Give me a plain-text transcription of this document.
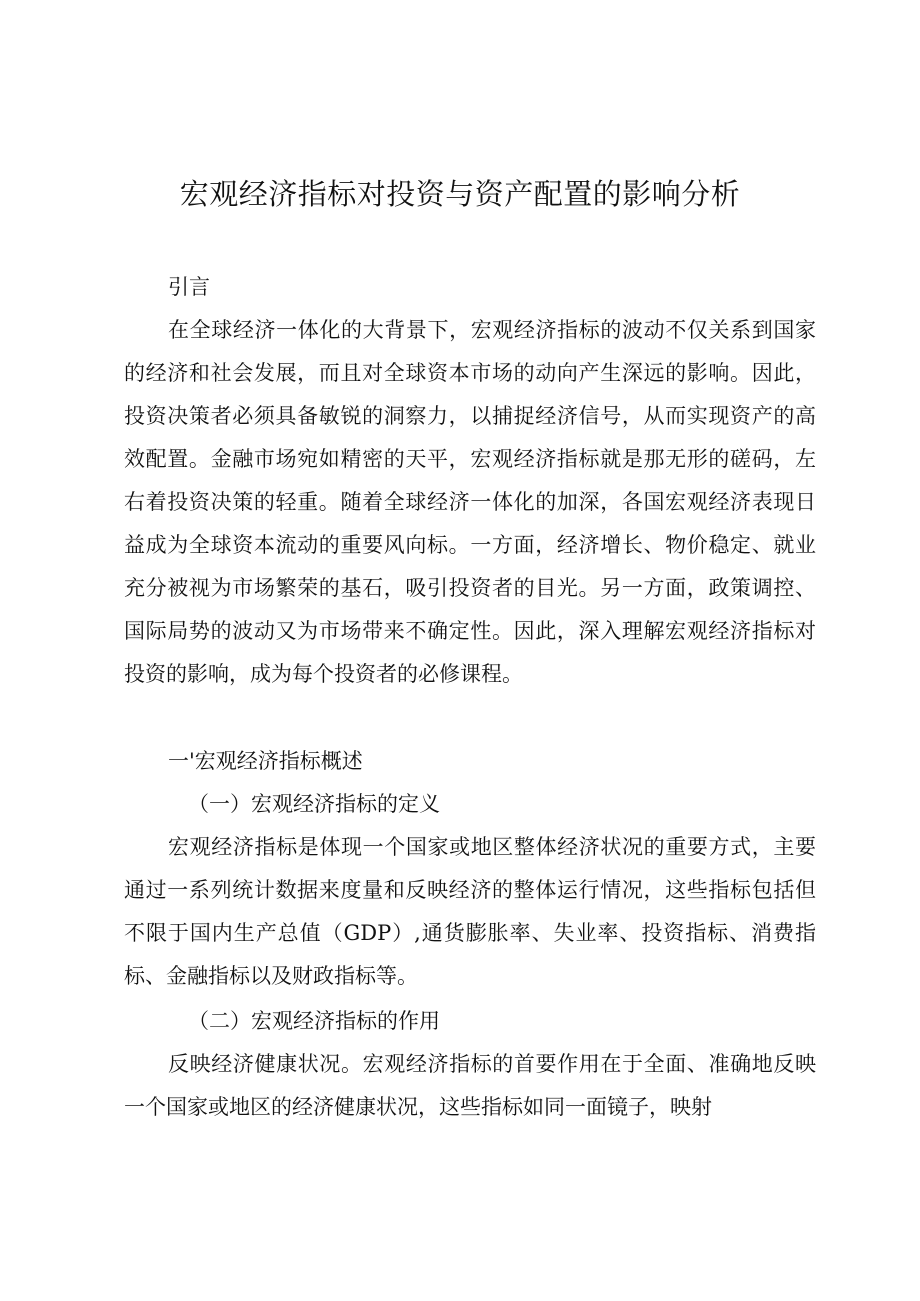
宏观经济指标对投资与资产配置的影响分析
引言

在全球经济一体化的大背景下，宏观经济指标的波动不仅关系到国家的经济和社会发展，而且对全球资本市场的动向产生深远的影响。因此，投资决策者必须具备敏锐的洞察力，以捕捉经济信号，从而实现资产的高效配置。金融市场宛如精密的天平，宏观经济指标就是那无形的磋码，左右着投资决策的轻重。随着全球经济一体化的加深，各国宏观经济表现日益成为全球资本流动的重要风向标。一方面，经济增长、物价稳定、就业充分被视为市场繁荣的基石，吸引投资者的目光。另一方面，政策调控、国际局势的波动又为市场带来不确定性。因此，深入理解宏观经济指标对投资的影响，成为每个投资者的必修课程。

一'宏观经济指标概述
（一）宏观经济指标的定义

宏观经济指标是体现一个国家或地区整体经济状况的重要方式，主要通过一系列统计数据来度量和反映经济的整体运行情况，这些指标包括但不限于国内生产总值（GDP）,通货膨胀率、失业率、投资指标、消费指标、金融指标以及财政指标等。

（二）宏观经济指标的作用

反映经济健康状况。宏观经济指标的首要作用在于全面、准确地反映一个国家或地区的经济健康状况，这些指标如同一面镜子，映射
